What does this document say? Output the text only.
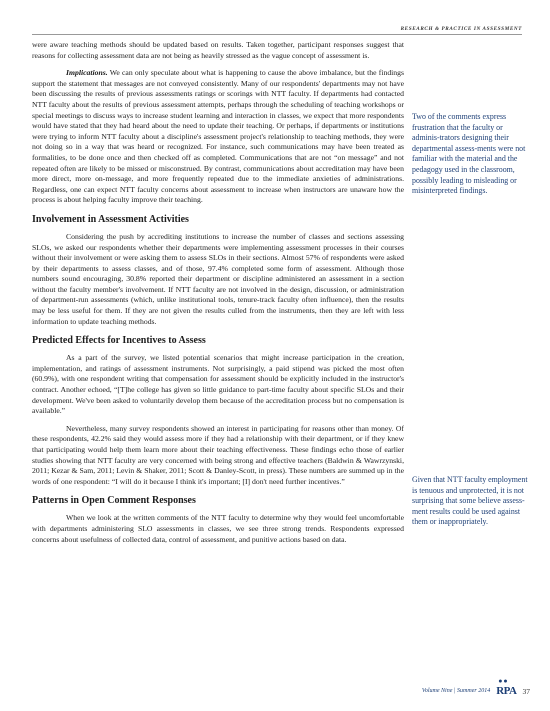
RESEARCH & PRACTICE IN ASSESSMENT

were aware teaching methods should be updated based on results. Taken together, participant responses suggest that reasons for collecting assessment data are not being as heavily stressed as the vague concept of assessment is.

Implications. We can only speculate about what is happening to cause the above imbalance, but the findings support the statement that messages are not conveyed consistently. Many of our respondents' departments may not have been discussing the results of previous assessments ratings or scorings with NTT faculty. If departments had contacted NTT faculty about the results of previous assessment attempts, perhaps through the scheduling of teaching workshops or special meetings to discuss ways to increase student learning and interaction in classes, we expect that more respondents would have stated that they had heard about the need to update their teaching. Or perhaps, if departments or institutions were trying to inform NTT faculty about a discipline's assessment project's relationship to teaching methods, they were not doing so in a way that was heard or recognized. For instance, such communications may have been treated as formalities, to be done once and then checked off as completed. Communications that are not “on message” and not repeated often are likely to be missed or misconstrued. By contrast, communications about accreditation may have been more direct, more on-message, and more frequently repeated due to the immediate anxieties of administrations. Regardless, one can expect NTT faculty concerns about assessment to increase when instructors are unaware how the process is about helping faculty improve their teaching.

Involvement in Assessment Activities

Considering the push by accrediting institutions to increase the number of classes and sections assessing SLOs, we asked our respondents whether their departments were implementing assessment processes in their courses without their involvement or were asking them to assess SLOs in their sections. Almost 57% of respondents were asked by their departments to assess classes, and of those, 97.4% completed some form of assessment. Although those numbers sound encouraging, 30.8% reported their department or discipline administered an assessment in a section without the faculty member's involvement. If NTT faculty are not involved in the design, discussion, or administration of department-run assessments (which, unlike institutional tools, tenure-track faculty often influence), then the results may be less useful for them. If they are not given the results culled from the instruments, then they are left with less information to update teaching methods.

Predicted Effects for Incentives to Assess

As a part of the survey, we listed potential scenarios that might increase participation in the creation, implementation, and ratings of assessment instruments. Not surprisingly, a paid stipend was picked the most often (60.9%), with one respondent writing that compensation for assessment should be explicitly included in the instructor's contract. Another echoed, “[T]he college has given so little guidance to part-time faculty about specific SLOs and their development. We've been asked to voluntarily develop them because of the accreditation process but no compensation is available.”

Nevertheless, many survey respondents showed an interest in participating for reasons other than money. Of these respondents, 42.2% said they would assess more if they had a relationship with their department, or if they knew that participating would help them learn more about their teaching effectiveness. These findings echo those of earlier studies showing that NTT faculty are very concerned with being strong and effective teachers (Baldwin & Wawrzynski, 2011; Kezar & Sam, 2011; Levin & Shaker, 2011; Scott & Danley-Scott, in press). These numbers are summed up in the words of one respondent: “I will do it because I think it's important; [I] don't need further incentives.”

Patterns in Open Comment Responses

When we look at the written comments of the NTT faculty to determine why they would feel uncomfortable with departments administering SLO assessments in classes, we see three strong trends. Respondents expressed concerns about usefulness of collected data, control of assessment, and punitive actions based on data.

Two of the comments express frustration that the faculty or adminis-trators designing their departmental assess-ments were not familiar with the material and the pedagogy used in the classroom, possibly leading to misleading or misinterpreted findings.
Given that NTT faculty employment is tenuous and unprotected, it is not surprising that some believe assess-ment results could be used against them or inappropriately.
Volume Nine | Summer 2014
●●
RPA 37
